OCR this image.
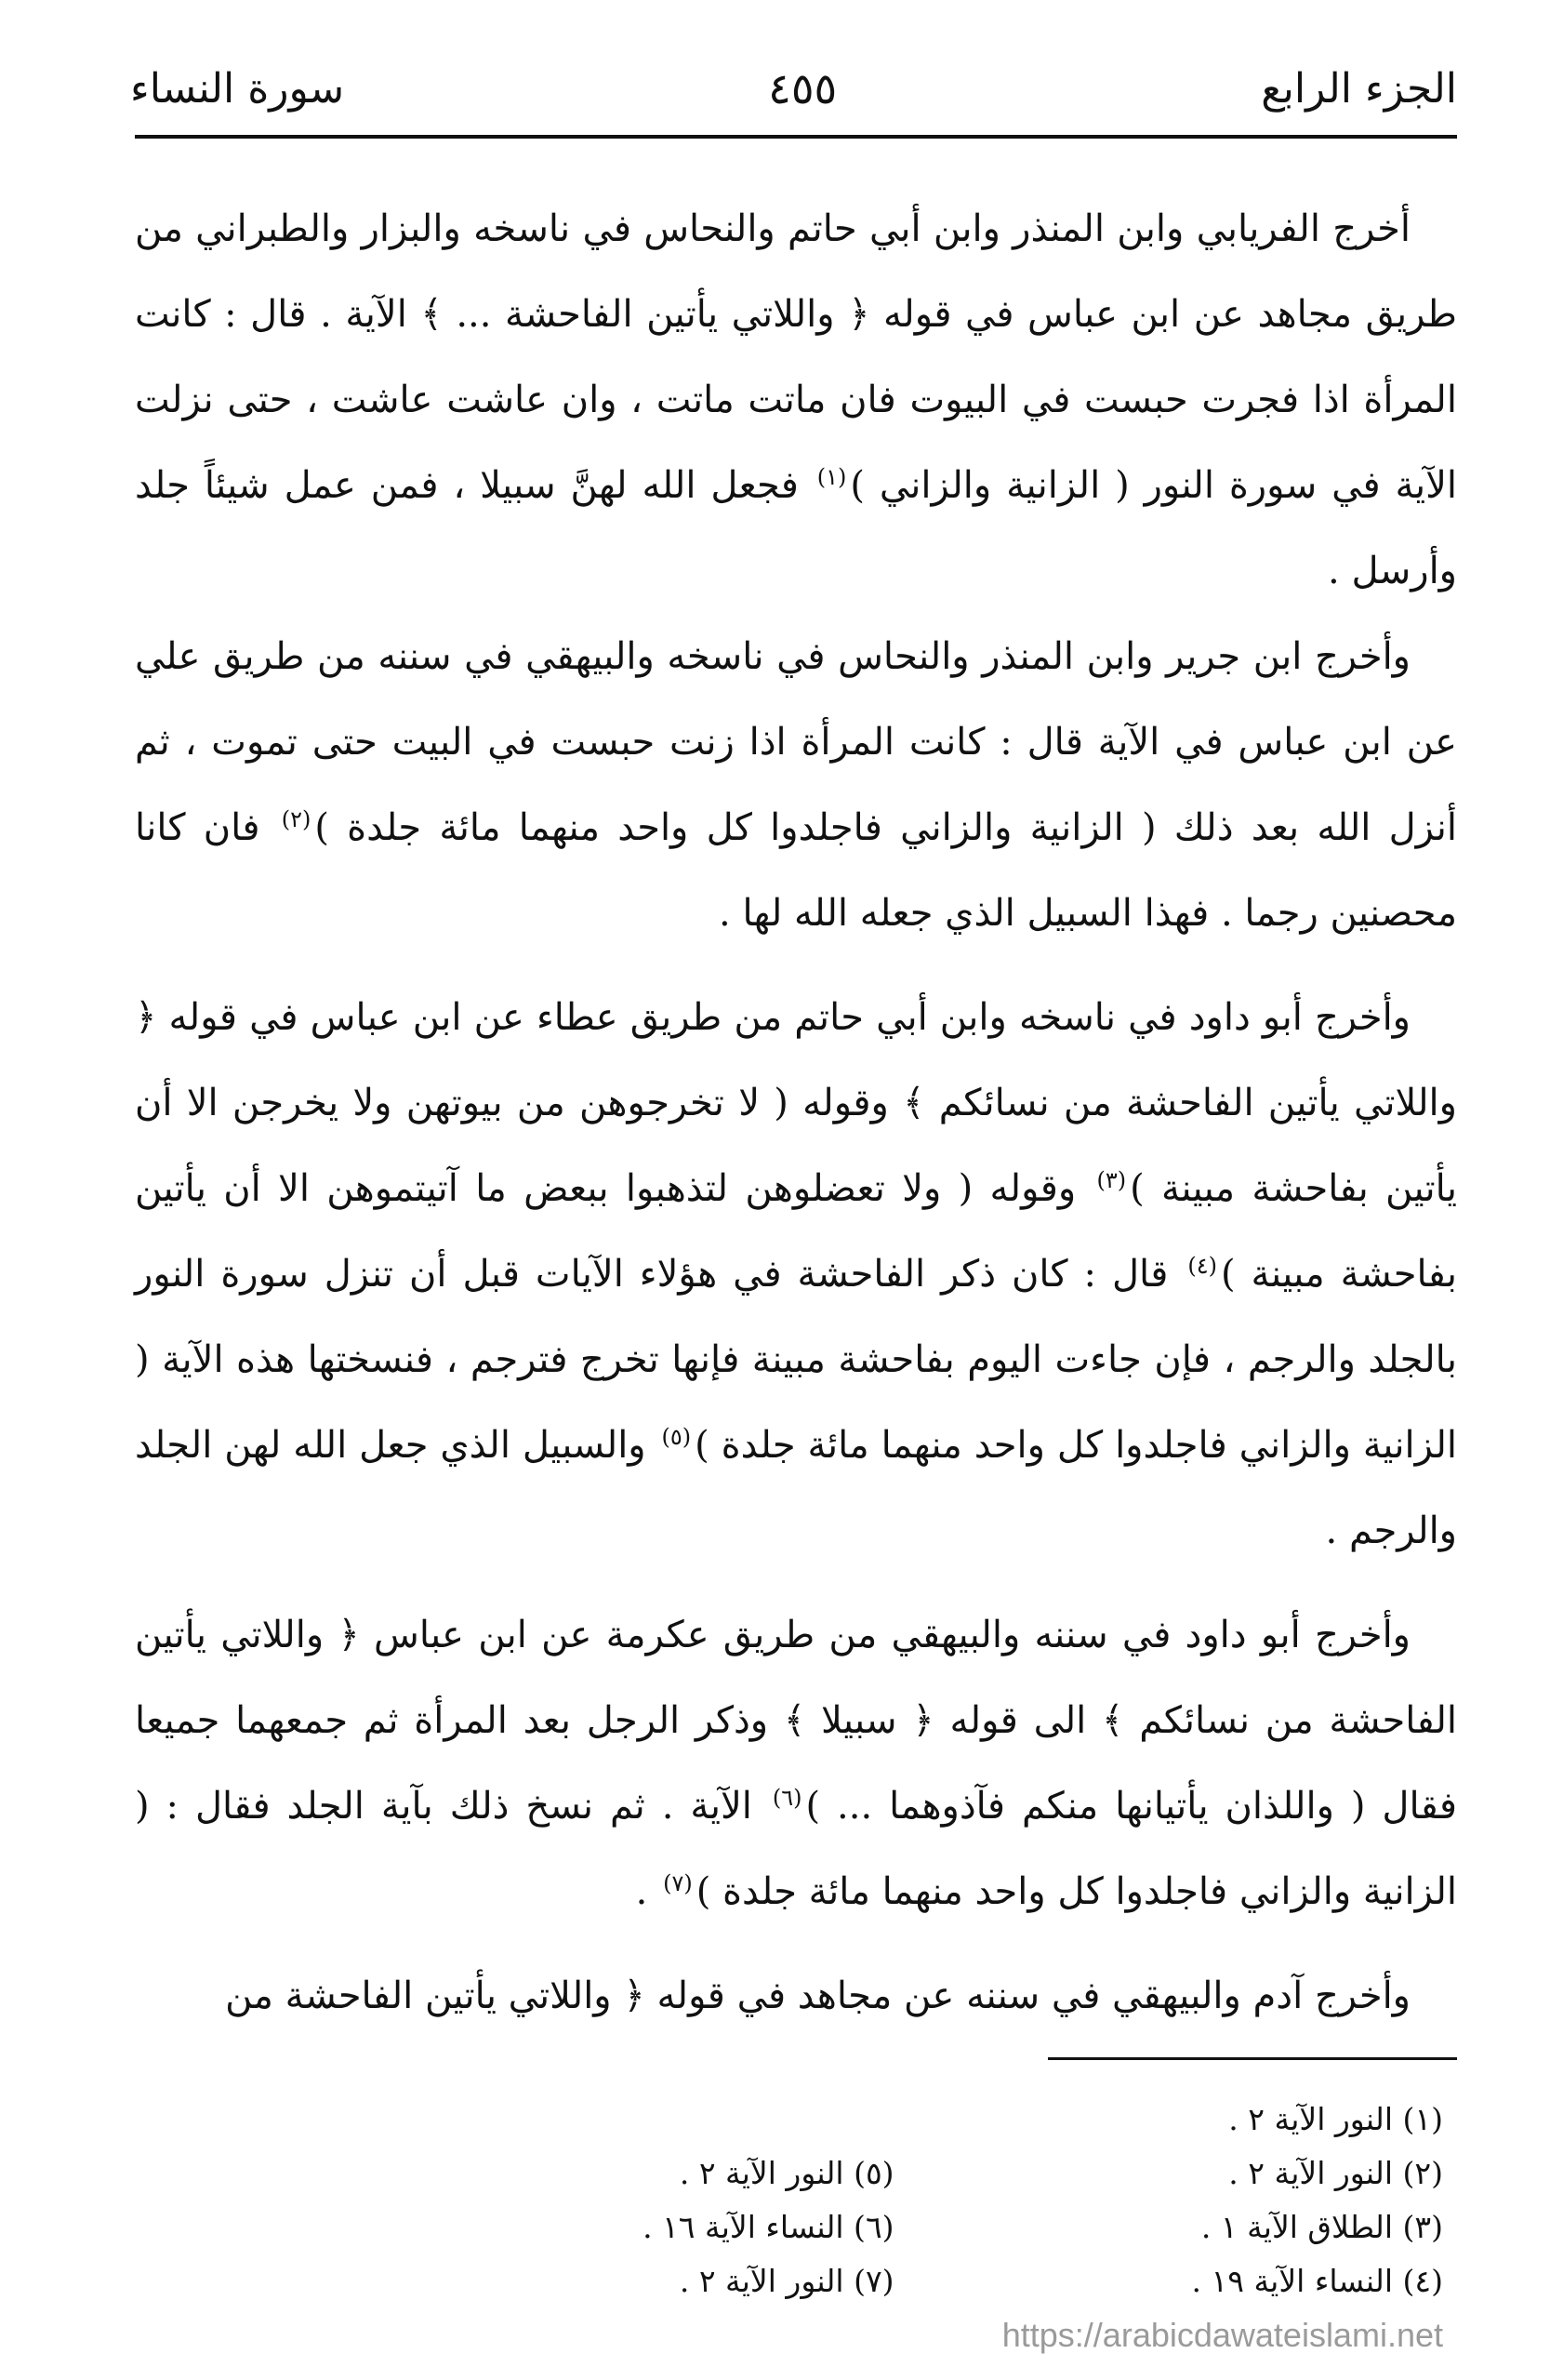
الجزء الرابع
٤٥٥
سورة النساء

أخرج الفريابي وابن المنذر وابن أبي حاتم والنحاس في ناسخه والبزار والطبراني من طريق مجاهد عن ابن عباس في قوله ﴿ واللاتي يأتين الفاحشة ... ﴾ الآية . قال : كانت المرأة اذا فجرت حبست في البيوت فان ماتت ماتت ، وان عاشت عاشت ، حتى نزلت الآية في سورة النور ( الزانية والزاني )$^{(١)}$ فجعل الله لهنَّ سبيلا ، فمن عمل شيئاً جلد وأرسل .

وأخرج ابن جرير وابن المنذر والنحاس في ناسخه والبيهقي في سننه من طريق علي عن ابن عباس في الآية قال : كانت المرأة اذا زنت حبست في البيت حتى تموت ، ثم أنزل الله بعد ذلك ( الزانية والزاني فاجلدوا كل واحد منهما مائة جلدة )$^{(٢)}$ فان كانا محصنين رجما . فهذا السبيل الذي جعله الله لها .

وأخرج أبو داود في ناسخه وابن أبي حاتم من طريق عطاء عن ابن عباس في قوله ﴿ واللاتي يأتين الفاحشة من نسائكم ﴾ وقوله ( لا تخرجوهن من بيوتهن ولا يخرجن الا أن يأتين بفاحشة مبينة )$^{(٣)}$ وقوله ( ولا تعضلوهن لتذهبوا ببعض ما آتيتموهن الا أن يأتين بفاحشة مبينة )$^{(٤)}$ قال : كان ذكر الفاحشة في هؤلاء الآيات قبل أن تنزل سورة النور بالجلد والرجم ، فإن جاءت اليوم بفاحشة مبينة فإنها تخرج فترجم ، فنسختها هذه الآية ( الزانية والزاني فاجلدوا كل واحد منهما مائة جلدة )$^{(٥)}$ والسبيل الذي جعل الله لهن الجلد والرجم .

وأخرج أبو داود في سننه والبيهقي من طريق عكرمة عن ابن عباس ﴿ واللاتي يأتين الفاحشة من نسائكم ﴾ الى قوله ﴿ سبيلا ﴾ وذكر الرجل بعد المرأة ثم جمعهما جميعا فقال ( واللذان يأتيانها منكم فآذوهما ... )$^{(٦)}$ الآية . ثم نسخ ذلك بآية الجلد فقال : ( الزانية والزاني فاجلدوا كل واحد منهما مائة جلدة )$^{(٧)}$ .

وأخرج آدم والبيهقي في سننه عن مجاهد في قوله ﴿ واللاتي يأتين الفاحشة من

(١) النور الآية ٢ .
(٢) النور الآية ٢ .
(٣) الطلاق الآية ١ .
(٤) النساء الآية ١٩ .
(٥) النور الآية ٢ .
(٦) النساء الآية ١٦ .
(٧) النور الآية ٢ .
https://arabicdawateislami.net
